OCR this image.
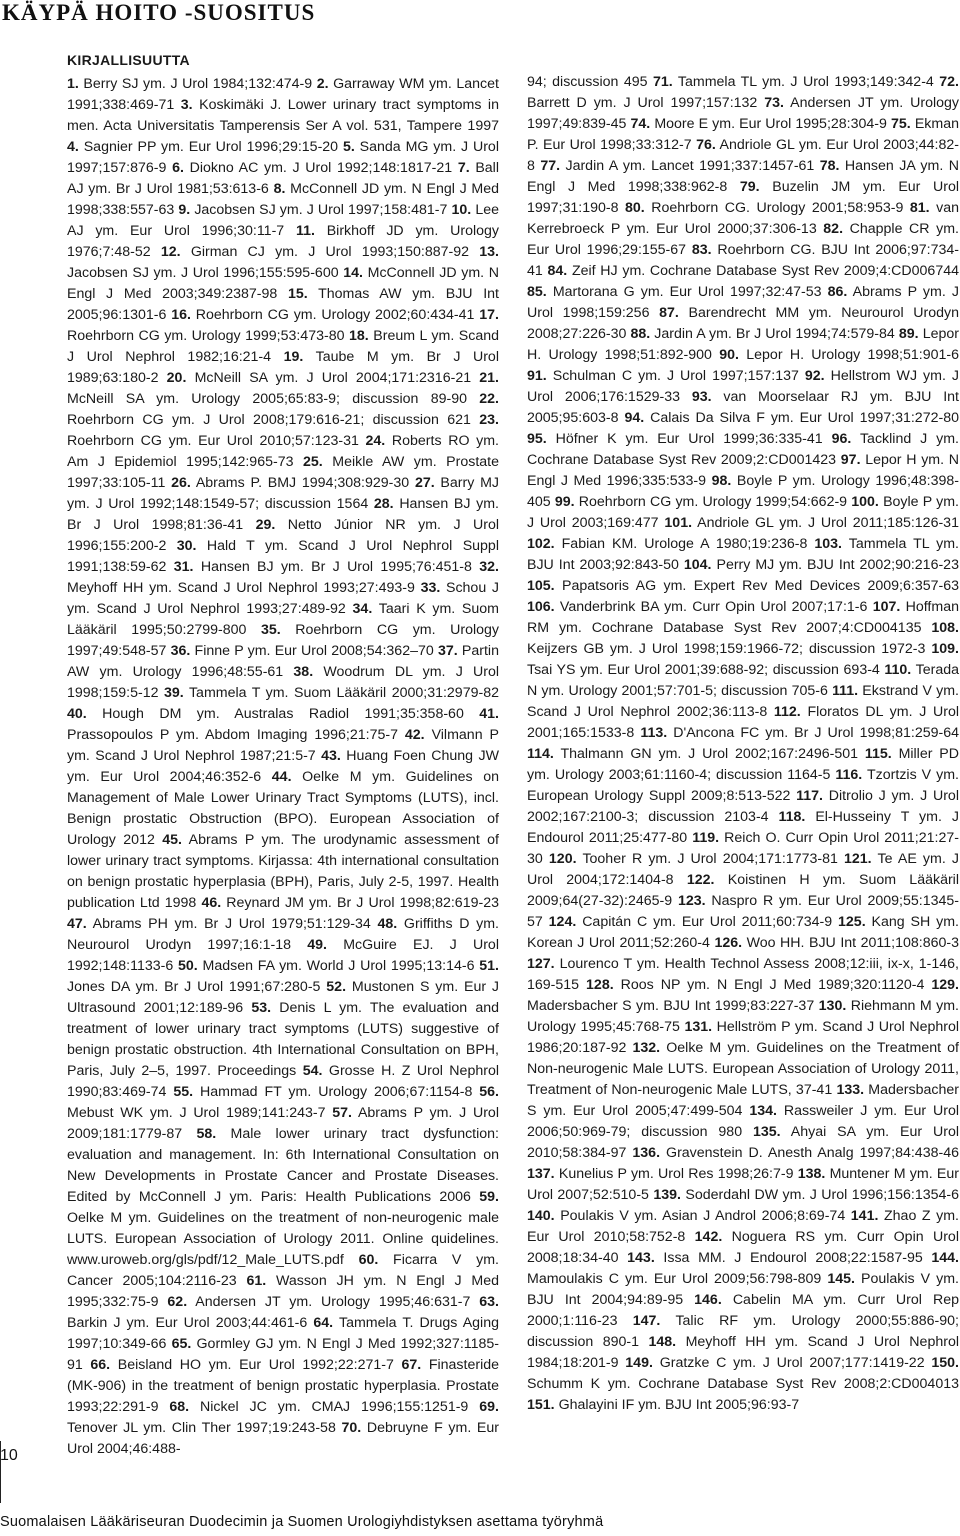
KÄYPÄ HOITO -SUOSITUS
KIRJALLISUUTTA

1. Berry SJ ym. J Urol 1984;132:474-9 2. Garraway WM ym. Lancet 1991;338:469-71 3. Koskimäki J. Lower urinary tract symptoms in men. Acta Universitatis Tamperensis Ser A vol. 531, Tampere 1997 4. Sagnier PP ym. Eur Urol 1996;29:15-20 5. Sanda MG ym. J Urol 1997;157:876-9 6. Diokno AC ym. J Urol 1992;148:1817-21 7. Ball AJ ym. Br J Urol 1981;53:613-6 8. McConnell JD ym. N Engl J Med 1998;338:557-63 9. Jacobsen SJ ym. J Urol 1997;158:481-7 10. Lee AJ ym. Eur Urol 1996;30:11-7 11. Birkhoff JD ym. Urology 1976;7:48-52 12. Girman CJ ym. J Urol 1993;150:887-92 13. Jacobsen SJ ym. J Urol 1996;155:595-600 14. McConnell JD ym. N Engl J Med 2003;349:2387-98 15. Thomas AW ym. BJU Int 2005;96:1301-6 16. Roehrborn CG ym. Urology 2002;60:434-41 17. Roehrborn CG ym. Urology 1999;53:473-80 18. Breum L ym. Scand J Urol Nephrol 1982;16:21-4 19. Taube M ym. Br J Urol 1989;63:180-2 20. McNeill SA ym. J Urol 2004;171:2316-21 21. McNeill SA ym. Urology 2005;65:83-9; discussion 89-90 22. Roehrborn CG ym. J Urol 2008;179:616-21; discussion 621 23. Roehrborn CG ym. Eur Urol 2010;57:123-31 24. Roberts RO ym. Am J Epidemiol 1995;142:965-73 25. Meikle AW ym. Prostate 1997;33:105-11 26. Abrams P. BMJ 1994;308:929-30 27. Barry MJ ym. J Urol 1992;148:1549-57; discussion 1564 28. Hansen BJ ym. Br J Urol 1998;81:36-41 29. Netto Júnior NR ym. J Urol 1996;155:200-2 30. Hald T ym. Scand J Urol Nephrol Suppl 1991;138:59-62 31. Hansen BJ ym. Br J Urol 1995;76:451-8 32. Meyhoff HH ym. Scand J Urol Nephrol 1993;27:493-9 33. Schou J ym. Scand J Urol Nephrol 1993;27:489-92 34. Taari K ym. Suom Lääkäril 1995;50:2799-800 35. Roehrborn CG ym. Urology 1997;49:548-57 36. Finne P ym. Eur Urol 2008;54:362–70 37. Partin AW ym. Urology 1996;48:55-61 38. Woodrum DL ym. J Urol 1998;159:5-12 39. Tammela T ym. Suom Lääkäril 2000;31:2979-82 40. Hough DM ym. Australas Radiol 1991;35:358-60 41. Prassopoulos P ym. Abdom Imaging 1996;21:75-7 42. Vilmann P ym. Scand J Urol Nephrol 1987;21:5-7 43. Huang Foen Chung JW ym. Eur Urol 2004;46:352-6 44. Oelke M ym. Guidelines on Management of Male Lower Urinary Tract Symptoms (LUTS), incl. Benign prostatic Obstruction (BPO). European Association of Urology 2012 45. Abrams P ym. The urodynamic assessment of lower urinary tract symptoms. Kirjassa: 4th international consultation on benign prostatic hyperplasia (BPH), Paris, July 2-5, 1997. Health publication Ltd 1998 46. Reynard JM ym. Br J Urol 1998;82:619-23 47. Abrams PH ym. Br J Urol 1979;51:129-34 48. Griffiths D ym. Neurourol Urodyn 1997;16:1-18 49. McGuire EJ. J Urol 1992;148:1133-6 50. Madsen FA ym. World J Urol 1995;13:14-6 51. Jones DA ym. Br J Urol 1991;67:280-5 52. Mustonen S ym. Eur J Ultrasound 2001;12:189-96 53. Denis L ym. The evaluation and treatment of lower urinary tract symptoms (LUTS) suggestive of benign prostatic obstruction. 4th International Consultation on BPH, Paris, July 2–5, 1997. Proceedings 54. Grosse H. Z Urol Nephrol 1990;83:469-74 55. Hammad FT ym. Urology 2006;67:1154-8 56. Mebust WK ym. J Urol 1989;141:243-7 57. Abrams P ym. J Urol 2009;181:1779-87 58. Male lower urinary tract dysfunction: evaluation and management. In: 6th International Consultation on New Developments in Prostate Cancer and Prostate Diseases. Edited by McConnell J ym. Paris: Health Publications 2006 59. Oelke M ym. Guidelines on the treatment of non-neurogenic male LUTS. European Association of Urology 2011. Online quidelines. www.uroweb.org/gls/pdf/12_Male_LUTS.pdf 60. Ficarra V ym. Cancer 2005;104:2116-23 61. Wasson JH ym. N Engl J Med 1995;332:75-9 62. Andersen JT ym. Urology 1995;46:631-7 63. Barkin J ym. Eur Urol 2003;44:461-6 64. Tammela T. Drugs Aging 1997;10:349-66 65. Gormley GJ ym. N Engl J Med 1992;327:1185-91 66. Beisland HO ym. Eur Urol 1992;22:271-7 67. Finasteride (MK-906) in the treatment of benign prostatic hyperplasia. Prostate 1993;22:291-9 68. Nickel JC ym. CMAJ 1996;155:1251-9 69. Tenover JL ym. Clin Ther 1997;19:243-58 70. Debruyne F ym. Eur Urol 2004;46:488-

94; discussion 495 71. Tammela TL ym. J Urol 1993;149:342-4 72. Barrett D ym. J Urol 1997;157:132 73. Andersen JT ym. Urology 1997;49:839-45 74. Moore E ym. Eur Urol 1995;28:304-9 75. Ekman P. Eur Urol 1998;33:312-7 76. Andriole GL ym. Eur Urol 2003;44:82-8 77. Jardin A ym. Lancet 1991;337:1457-61 78. Hansen JA ym. N Engl J Med 1998;338:962-8 79. Buzelin JM ym. Eur Urol 1997;31:190-8 80. Roehrborn CG. Urology 2001;58:953-9 81. van Kerrebroeck P ym. Eur Urol 2000;37:306-13 82. Chapple CR ym. Eur Urol 1996;29:155-67 83. Roehrborn CG. BJU Int 2006;97:734-41 84. Zeif HJ ym. Cochrane Database Syst Rev 2009;4:CD006744 85. Martorana G ym. Eur Urol 1997;32:47-53 86. Abrams P ym. J Urol 1998;159:256 87. Barendrecht MM ym. Neurourol Urodyn 2008;27:226-30 88. Jardin A ym. Br J Urol 1994;74:579-84 89. Lepor H. Urology 1998;51:892-900 90. Lepor H. Urology 1998;51:901-6 91. Schulman C ym. J Urol 1997;157:137 92. Hellstrom WJ ym. J Urol 2006;176:1529-33 93. van Moorselaar RJ ym. BJU Int 2005;95:603-8 94. Calais Da Silva F ym. Eur Urol 1997;31:272-80 95. Höfner K ym. Eur Urol 1999;36:335-41 96. Tacklind J ym. Cochrane Database Syst Rev 2009;2:CD001423 97. Lepor H ym. N Engl J Med 1996;335:533-9 98. Boyle P ym. Urology 1996;48:398-405 99. Roehrborn CG ym. Urology 1999;54:662-9 100. Boyle P ym. J Urol 2003;169:477 101. Andriole GL ym. J Urol 2011;185:126-31 102. Fabian KM. Urologe A 1980;19:236-8 103. Tammela TL ym. BJU Int 2003;92:843-50 104. Perry MJ ym. BJU Int 2002;90:216-23 105. Papatsoris AG ym. Expert Rev Med Devices 2009;6:357-63 106. Vanderbrink BA ym. Curr Opin Urol 2007;17:1-6 107. Hoffman RM ym. Cochrane Database Syst Rev 2007;4:CD004135 108. Keijzers GB ym. J Urol 1998;159:1966-72; discussion 1972-3 109. Tsai YS ym. Eur Urol 2001;39:688-92; discussion 693-4 110. Terada N ym. Urology 2001;57:701-5; discussion 705-6 111. Ekstrand V ym. Scand J Urol Nephrol 2002;36:113-8 112. Floratos DL ym. J Urol 2001;165:1533-8 113. D'Ancona FC ym. Br J Urol 1998;81:259-64 114. Thalmann GN ym. J Urol 2002;167:2496-501 115. Miller PD ym. Urology 2003;61:1160-4; discussion 1164-5 116. Tzortzis V ym. European Urology Suppl 2009;8:513-522 117. Ditrolio J ym. J Urol 2002;167:2100-3; discussion 2103-4 118. El-Husseiny T ym. J Endourol 2011;25:477-80 119. Reich O. Curr Opin Urol 2011;21:27-30 120. Tooher R ym. J Urol 2004;171:1773-81 121. Te AE ym. J Urol 2004;172:1404-8 122. Koistinen H ym. Suom Lääkäril 2009;64(27-32):2465-9 123. Naspro R ym. Eur Urol 2009;55:1345-57 124. Capitán C ym. Eur Urol 2011;60:734-9 125. Kang SH ym. Korean J Urol 2011;52:260-4 126. Woo HH. BJU Int 2011;108:860-3 127. Lourenco T ym. Health Technol Assess 2008;12:iii, ix-x, 1-146, 169-515 128. Roos NP ym. N Engl J Med 1989;320:1120-4 129. Madersbacher S ym. BJU Int 1999;83:227-37 130. Riehmann M ym. Urology 1995;45:768-75 131. Hellström P ym. Scand J Urol Nephrol 1986;20:187-92 132. Oelke M ym. Guidelines on the Treatment of Non-neurogenic Male LUTS. European Association of Urology 2011, Treatment of Non-neurogenic Male LUTS, 37-41 133. Madersbacher S ym. Eur Urol 2005;47:499-504 134. Rassweiler J ym. Eur Urol 2006;50:969-79; discussion 980 135. Ahyai SA ym. Eur Urol 2010;58:384-97 136. Gravenstein D. Anesth Analg 1997;84:438-46 137. Kunelius P ym. Urol Res 1998;26:7-9 138. Muntener M ym. Eur Urol 2007;52:510-5 139. Soderdahl DW ym. J Urol 1996;156:1354-6 140. Poulakis V ym. Asian J Androl 2006;8:69-74 141. Zhao Z ym. Eur Urol 2010;58:752-8 142. Noguera RS ym. Curr Opin Urol 2008;18:34-40 143. Issa MM. J Endourol 2008;22:1587-95 144. Mamoulakis C ym. Eur Urol 2009;56:798-809 145. Poulakis V ym. BJU Int 2004;94:89-95 146. Cabelin MA ym. Curr Urol Rep 2000;1:116-23 147. Talic RF ym. Urology 2000;55:886-90; discussion 890-1 148. Meyhoff HH ym. Scand J Urol Nephrol 1984;18:201-9 149. Gratzke C ym. J Urol 2007;177:1419-22 150. Schumm K ym. Cochrane Database Syst Rev 2008;2:CD004013 151. Ghalayini IF ym. BJU Int 2005;96:93-7

10
Suomalaisen Lääkäriseuran Duodecimin ja Suomen Urologiyhdistyksen asettama työryhmä
